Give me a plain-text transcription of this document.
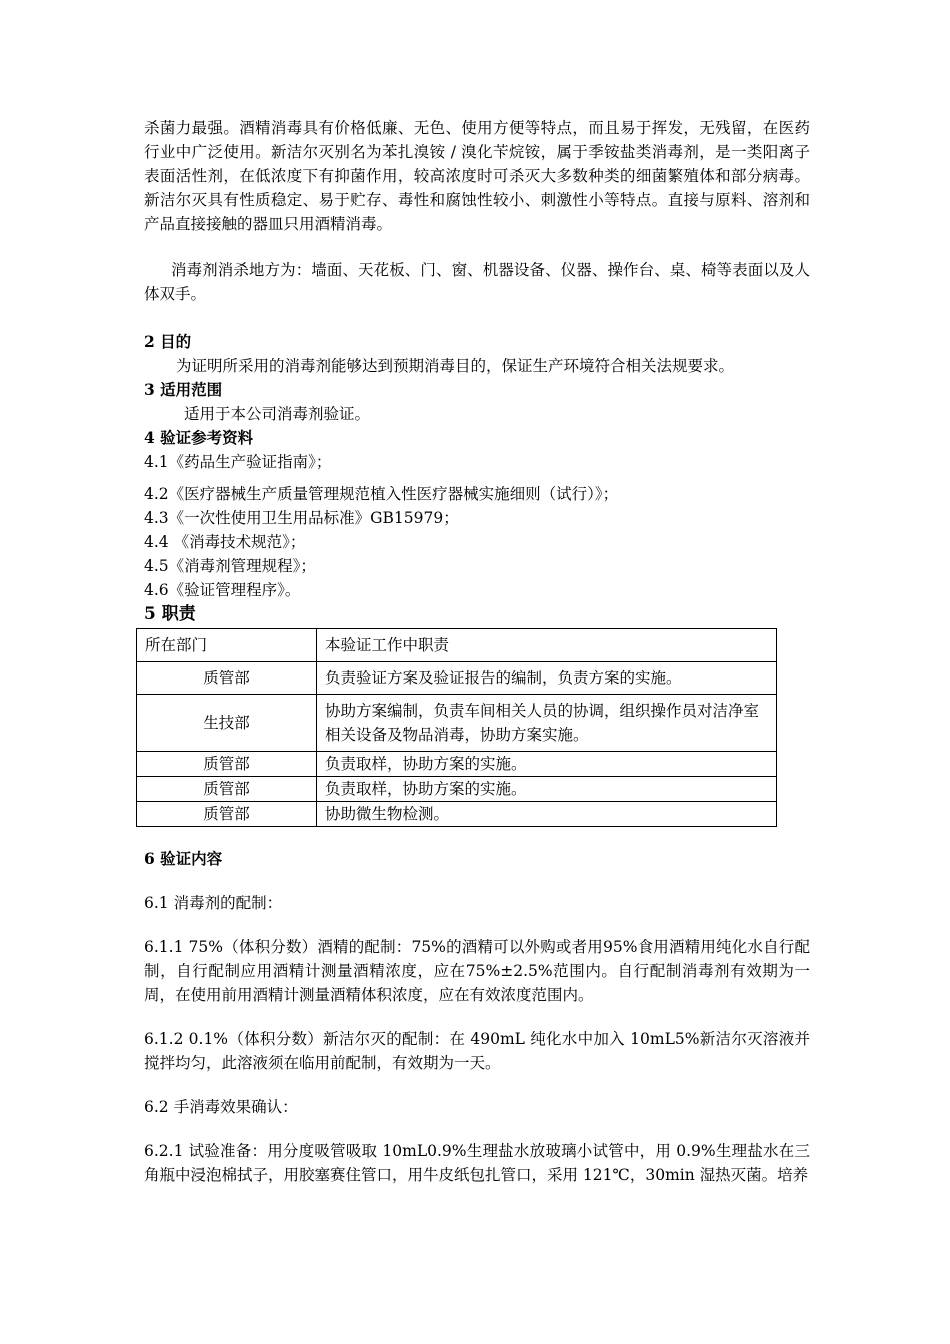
杀菌力最强。酒精消毒具有价格低廉、无色、使用方便等特点，而且易于挥发，无残留，在医药行业中广泛使用。新洁尔灭别名为苯扎溴铵 / 溴化苄烷铵，属于季铵盐类消毒剂，是一类阳离子表面活性剂，在低浓度下有抑菌作用，较高浓度时可杀灭大多数种类的细菌繁殖体和部分病毒。新洁尔灭具有性质稳定、易于贮存、毒性和腐蚀性较小、刺激性小等特点。直接与原料、溶剂和产品直接接触的器皿只用酒精消毒。

消毒剂消杀地方为：墙面、天花板、门、窗、机器设备、仪器、操作台、桌、椅等表面以及人体双手。

2 目的

为证明所采用的消毒剂能够达到预期消毒目的，保证生产环境符合相关法规要求。

3 适用范围

适用于本公司消毒剂验证。

4 验证参考资料

4.1《药品生产验证指南》；

4.2《医疗器械生产质量管理规范植入性医疗器械实施细则（试行）》；

4.3《一次性使用卫生用品标准》GB15979；

4.4 《消毒技术规范》；

4.5《消毒剂管理规程》；

4.6《验证管理程序》。

5 职责

所在部门	本验证工作中职责
质管部	负责验证方案及验证报告的编制，负责方案的实施。
生技部	协助方案编制，负责车间相关人员的协调，组织操作员对洁净室相关设备及物品消毒，协助方案实施。
质管部	负责取样，协助方案的实施。
质管部	负责取样，协助方案的实施。
质管部	协助微生物检测。

6 验证内容

6.1 消毒剂的配制：

6.1.1 75%（体积分数）酒精的配制：75%的酒精可以外购或者用95%食用酒精用纯化水自行配制，自行配制应用酒精计测量酒精浓度，应在75%±2.5%范围内。自行配制消毒剂有效期为一周，在使用前用酒精计测量酒精体积浓度，应在有效浓度范围内。

6.1.2 0.1%（体积分数）新洁尔灭的配制：在 490mL 纯化水中加入 10mL5%新洁尔灭溶液并搅拌均匀，此溶液须在临用前配制，有效期为一天。

6.2 手消毒效果确认：

6.2.1 试验准备：用分度吸管吸取 10mL0.9%生理盐水放玻璃小试管中，用 0.9%生理盐水在三角瓶中浸泡棉拭子，用胶塞赛住管口，用牛皮纸包扎管口，采用 121℃，30min 湿热灭菌。培养
